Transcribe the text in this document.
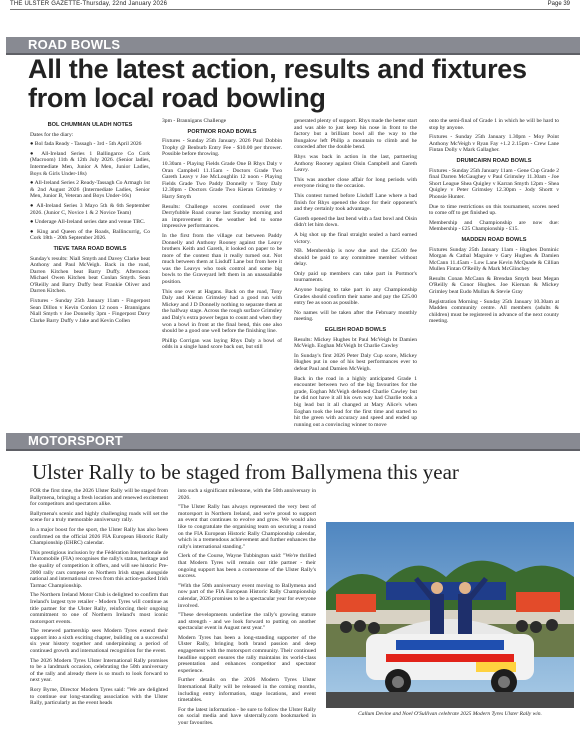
THE ULSTER GAZETTE-Thursday, 22nd January 2026	Page 39
ROAD BOWLS
All the latest action, results and fixtures from local road bowling
BOL CHUMMAN ULADH NOTES

Dates for the diary:

● Bol fada Ready - Tassagh - 3rd - 5th April 2026

● All-Ireland Series 1 Ballingarce Co Cork (Macroom) 11th & 12th July 2026. (Senior ladies, Intermediate Men, Junior A Men, Junior Ladies, Boys & Girls Under-18s)

● All-Ireland Series 2 Ready-Tassagh Co Armagh 1st & 2nd August 2026 (Intermediate Ladies, Senior Men, Junior B, Veteran and Boys Under-16s)

● All-Ireland Series 3 Mayo 5th & 6th September 2026. (Junior C, Novice 1 & 2 Novice Team)

● Underage All-Ireland series date and venue TBC.

● King and Queen of the Roads, Ballincurrig, Co Cork 18th - 20th September 2026.

TIEVE TARA ROAD BOWLS

Sunday's results: Niall Smyth and Davey Clarke beat Anthony and Paul McVeigh. Back in the road, Darren Kitchen beat Barry Duffy. Afternoon: Michael Owen Kitchen beat Conlan Smyth. Sean O'Reilly and Barry Duffy beat Frankie Oliver and Darren Kitchen.

Fixtures - Sunday 25th January 11am - Fingerpost Sean Dillon v Kevin Conlon 12 noon - Brannigans Niall Smyth v Joe Donnelly 3pm - Fingerpost Davy Clarke Barry Duffy v Jake and Kevin Collen

3pm - Brannigans Challenge

PORTMOR ROAD BOWLS

Fixtures - Sunday 25th January. 2026 Paul Dobbin Trophy @ Benburb Entry Fee - $10.00 per thrower. Possible before throwing.

10.30am - Playing Fields Grade One B Rhys Daly v Oran Campbell 11.15am - Doctors Grade Two Gareth Leavy v Joe McLoughlin 12 noon - Playing Fields Grade Two Paddy Donnelly v Tony Daly 12.30pm - Doctors Grade Two Kieran Grimsley v Harry Smyth

Results: Challenge scores continued over the Derryfubble Road course last Sunday morning and an improvement in the weather led to some impressive performances.

In the first from the village cut between Paddy Donnelly and Anthony Rooney against the Leavy brothers Keith and Gareth, it looked on paper to be more of the contest than it really turned out. Not much between them at Lisduff Lane but from here it was the Leavys who took control and some big bowls to the Graveyard left them in an unassailable position.

This one over at Hagans. Back on the road, Tony Daly and Kieran Grimsley had a good run with Mickey and J D Donnelly nothing to separate them at the halfway stage. Across the rough surface Grimsley and Daly's extra power began to count and when they won a bowl in front at the final bend, this one also should be a good one well before the finishing line.

Phillip Corrigan was laying Rhys Daly a bowl of odds in a single hand score back out, but still

generated plenty of support. Rhys made the better start and was able to just keep his nose in front to the factory but a brilliant bowl all the way to the Bungalow left Philip a mountain to climb and he conceded after the double bend.

Rhys was back in action in the last, partnering Anthony Rooney against Oisin Campbell and Gareth Leavy.

This was another close affair for long periods with everyone rising to the occasion.

This contest turned before Lisduff Lane where a bad finish for Rhys opened the door for their opponent's and they certainly took advantage.

Gareth opened the last bend with a fast bowl and Oisin didn't let him down.

A big shot up the final straight sealed a hard earned victory.

NB. Membership is now due and the £25.00 fee should be paid to any committee member without delay.

Only paid up members can take part in Portmor's tournaments.

Anyone hoping to take part in any Championship Grades should confirm their name and pay the £25.00 entry fee as soon as possible.

No names will be taken after the February monthly meeting.

EGLISH ROAD BOWLS

Results: Mickey Hughes bt Paul McVeigh bt Damien McVeigh. Eoghan McVeigh bt Charlie Cawley

In Sunday's first 2026 Peter Daly Cup score, Mickey Hughes put in one of his best performances ever to defeat Paul and Damien McVeigh.

Back in the road in a highly anticipated Grade 1 encounter between two of the big favourites for the grade, Eoghan McVeigh defeated Charlie Cawley but he did not have it all his own way had Charlie took a big lead but it all changed at Mary Alice's when Eoghan took the lead for the first time and started to hit the green with accuracy and speed and ended up running out a convincing winner to move

onto the semi-final of Grade 1 in which he will be hard to stop by anyone.

Fixtures - Sunday 25th January 1.30pm - Moy Point Anthony McVeigh v Ryan Fay +1.2 2.15pm - Crew Lane Fintan Dolly v Mark Gallagher.

DRUMCAIRN ROAD BOWLS

Fixtures - Sunday 25th January 11am - Gene Cup Grade 2 final Darren McGaughey v Paul Grimsley 11.30am - Joe Short League Shea Quigley v Karran Smyth 12pm - Shea Quigley v Peter Grimsley 12.30pm - Jody Shortt v Phonsie Hunter.

Due to time restrictions on this tournament, scores need to come off to get finished up.

Membership and Championship are now due: Membership - £25 Championship - £15.

MADDEN ROAD BOWLS

Fixtures Sunday 25th January 11am - Hughes Dominic Morgan & Cathal Maguire v Gary Hughes & Damien McCann 11.45am - Low Lane Kevin McQuade & Cillian Mullen Fintan O'Reilly & Mark McGlinchey

Results Conan McCann & Brendan Smyth beat Megan O'Reilly & Conor Hughes. Joe Kiernan & Mickey Grimley beat Eudo Mullan & Stevie Gray

Registration Morning - Sunday 25th January 10.30am at Madden community centre. All members (adults & children) must be registered in advance of the next county meeting.

MOTORSPORT
Ulster Rally to be staged from Ballymena this year

FOR the first time, the 2026 Ulster Rally will be staged from Ballymena, bringing a fresh location and renewed excitement for competitors and spectators alike.

Ballymena's scenic and highly challenging roads will set the scene for a truly memorable anniversary rally.

In a major boost for the sport, the Ulster Rally has also been confirmed on the official 2026 FIA European Historic Rally Championship (EHRC) calendar.

This prestigious inclusion by the Fédération Internationale de l'Automobile (FIA) recognises the rally's status, heritage and the quality of competition it offers, and will see historic Pre-2000 rally cars compete on Northern Irish stages alongside national and international crews from this action-packed Irish Tarmac Championship.

The Northern Ireland Motor Club is delighted to confirm that Ireland's largest tyre retailer - Modern Tyres will continue as title partner for the Ulster Rally, reinforcing their ongoing commitment to one of Northern Ireland's most iconic motorsport events.

The renewed partnership sees Modern Tyres extend their support into a sixth exciting chapter, building on a successful six year history together and underpinning a period of continued growth and international recognition for the event.

The 2026 Modern Tyres Ulster International Rally promises to be a landmark occasion, celebrating the 50th anniversary of the rally and already there is so much to look forward to next year.

Rory Byrne, Director Modern Tyres said: "We are delighted to continue our long-standing association with the Ulster Rally, particularly as the event heads

into such a significant milestone, with the 50th anniversary in 2026.

"The Ulster Rally has always represented the very best of motorsport in Northern Ireland, and we're proud to support an event that continues to evolve and grow. We would also like to congratulate the organising team on securing a round on the FIA European Historic Rally Championship calendar, which is a tremendous achievement and further enhances the rally's international standing."

Clerk of the Course, Wayne Tubbington said: "We're thrilled that Modern Tyres will remain our title partner - their ongoing support has been a cornerstone of the Ulster Rally's success.

"With the 50th anniversary event moving to Ballymena and now part of the FIA European Historic Rally Championship calendar, 2026 promises to be a spectacular year for everyone involved.

"These developments underline the rally's growing stature and strength - and we look forward to putting on another spectacular event in August next year."

Modern Tyres has been a long-standing supporter of the Ulster Rally, bringing both brand passion and deep engagement with the motorsport community. Their continued headline support ensures the rally maintains its world-class presentation and enhances competitor and spectator experience.

Further details on the 2026 Modern Tyres Ulster International Rally will be released in the coming months, including entry information, stage locations, and event timetables.

For the latest information - be sure to follow the Ulster Rally on social media and have ulsterrally.com bookmarked in your favourites.

Callum Devine and Noel O'Sullivan celebrate 2025 Modern Tyres Ulster Rally win.
